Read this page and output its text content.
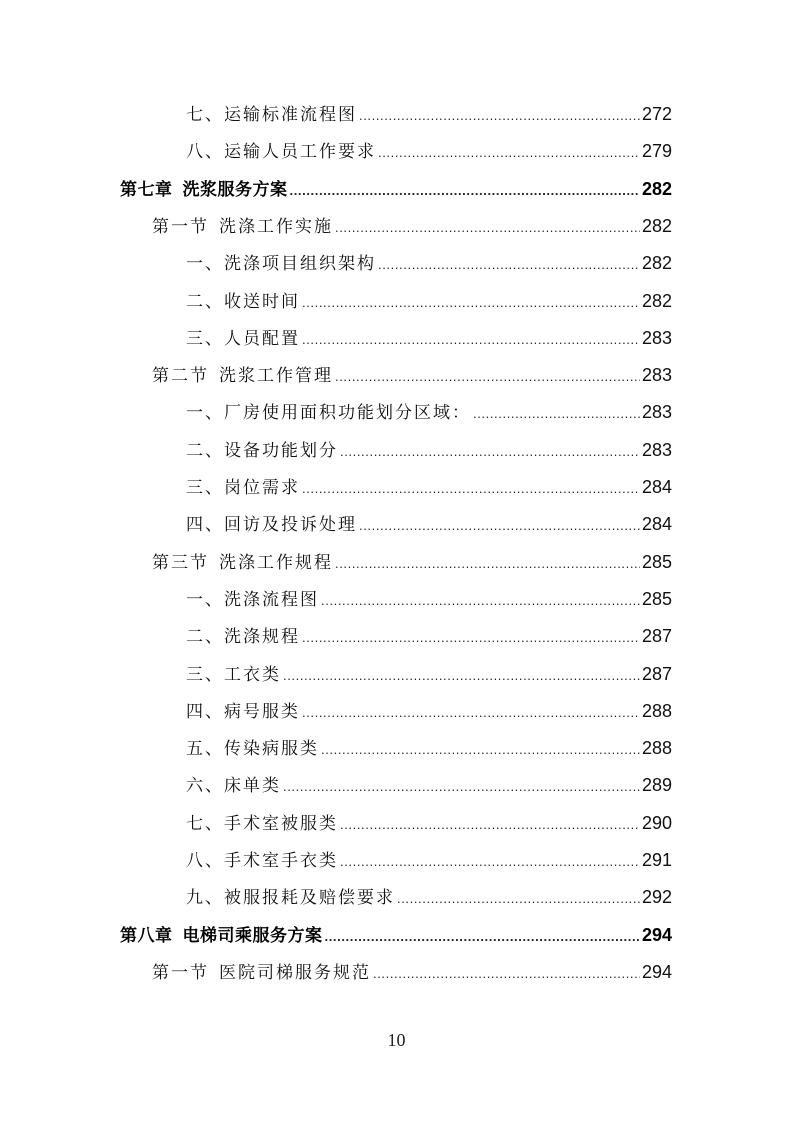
七、运输标准流程图 .....	272
八、运输人员工作要求 .....	279
第七章 洗浆服务方案 .....	282
第一节 洗涤工作实施 .....	282
一、洗涤项目组织架构 .....	282
二、收送时间 .....	282
三、人员配置 .....	283
第二节 洗浆工作管理 .....	283
一、厂房使用面积功能划分区域： .....	283
二、设备功能划分 .....	283
三、岗位需求 .....	284
四、回访及投诉处理 .....	284
第三节 洗涤工作规程 .....	285
一、洗涤流程图 .....	285
二、洗涤规程 .....	287
三、工衣类 .....	287
四、病号服类 .....	288
五、传染病服类 .....	288
六、床单类 .....	289
七、手术室被服类 .....	290
八、手术室手衣类 .....	291
九、被服报耗及赔偿要求 .....	292
第八章 电梯司乘服务方案 .....	294
第一节 医院司梯服务规范 .....	294
10
